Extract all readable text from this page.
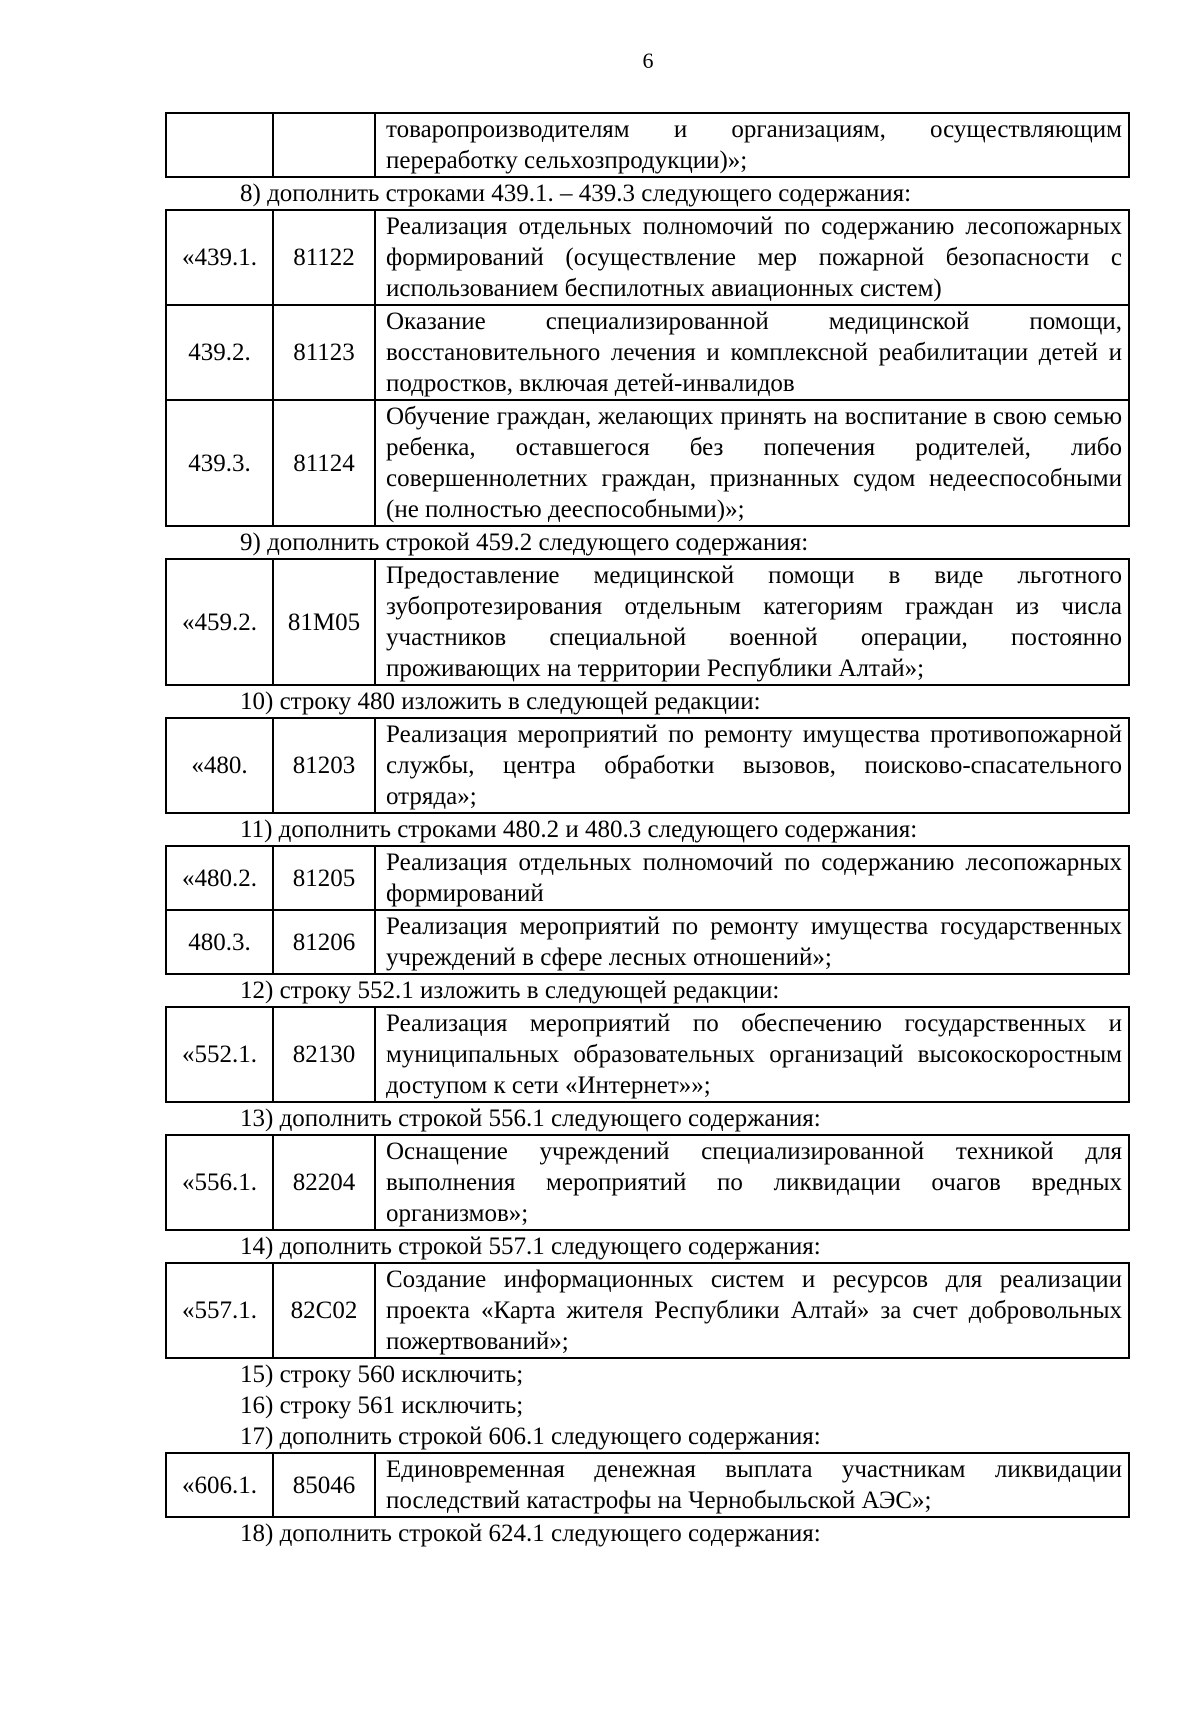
6
		товаропроизводителям и организациям, осуществляющим переработку сельхозпродукции)»;
8) дополнить строками 439.1. – 439.3 следующего содержания:
«439.1.	81122	Реализация отдельных полномочий по содержанию лесопожарных формирований (осуществление мер пожарной безопасности с использованием беспилотных авиационных систем)
439.2.	81123	Оказание специализированной медицинской помощи, восстановительного лечения и комплексной реабилитации детей и подростков, включая детей-инвалидов
439.3.	81124	Обучение граждан, желающих принять на воспитание в свою семью ребенка, оставшегося без попечения родителей, либо совершеннолетних граждан, признанных судом недееспособными (не полностью дееспособными)»;
9) дополнить строкой 459.2 следующего содержания:
«459.2.	81M05	Предоставление медицинской помощи в виде льготного зубопротезирования отдельным категориям граждан из числа участников специальной военной операции, постоянно проживающих на территории Республики Алтай»;
10) строку 480 изложить в следующей редакции:
«480.	81203	Реализация мероприятий по ремонту имущества противопожарной службы, центра обработки вызовов, поисково-спасательного отряда»;
11) дополнить строками 480.2 и 480.3 следующего содержания:
«480.2.	81205	Реализация отдельных полномочий по содержанию лесопожарных формирований
480.3.	81206	Реализация мероприятий по ремонту имущества государственных учреждений в сфере лесных отношений»;
12) строку 552.1 изложить в следующей редакции:
«552.1.	82130	Реализация мероприятий по обеспечению государственных и муниципальных образовательных организаций высокоскоростным доступом к сети «Интернет»»;
13) дополнить строкой 556.1 следующего содержания:
«556.1.	82204	Оснащение учреждений специализированной техникой для выполнения мероприятий по ликвидации очагов вредных организмов»;
14) дополнить строкой 557.1 следующего содержания:
«557.1.	82C02	Создание информационных систем и ресурсов для реализации проекта «Карта жителя Республики Алтай» за счет добровольных пожертвований»;
15) строку 560 исключить;
16) строку 561 исключить;
17) дополнить строкой 606.1 следующего содержания:
«606.1.	85046	Единовременная денежная выплата участникам ликвидации последствий катастрофы на Чернобыльской АЭС»;
18) дополнить строкой 624.1 следующего содержания:
